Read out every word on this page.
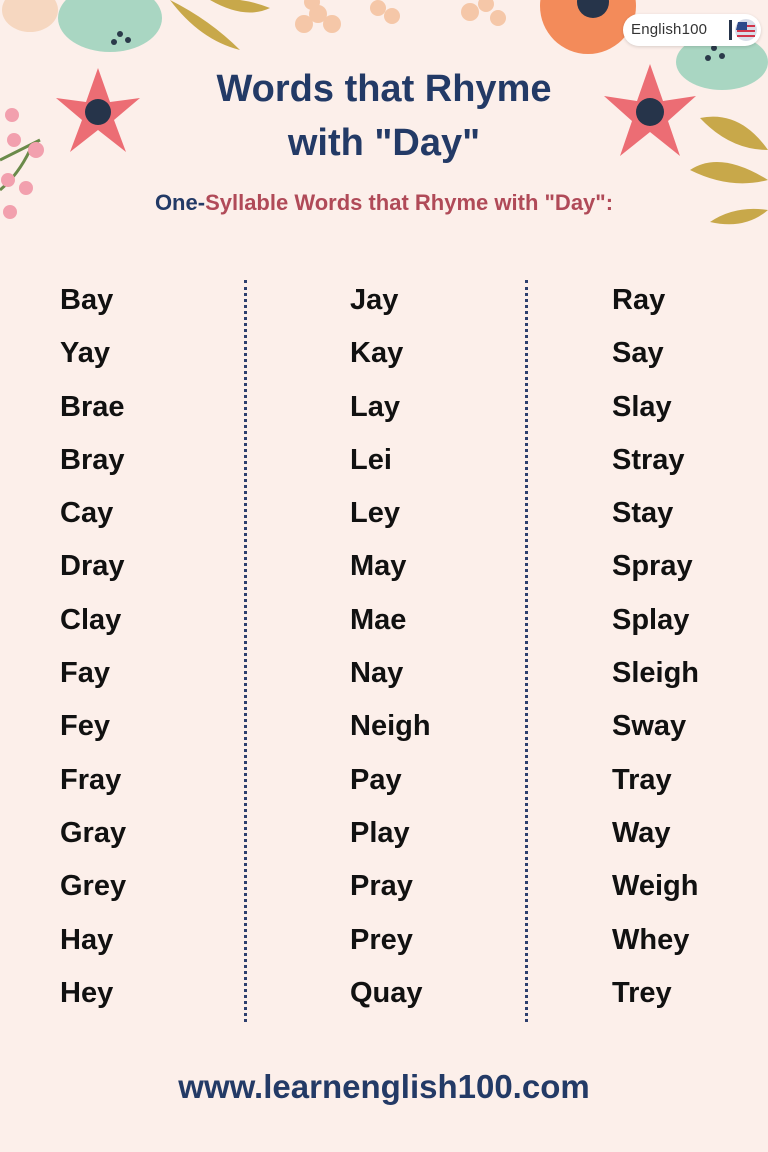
English100
Words that Rhyme
with "Day"
One-Syllable Words that Rhyme with "Day":
Bay
Yay
Brae
Bray
Cay
Dray
Clay
Fay
Fey
Fray
Gray
Grey
Hay
Hey
Jay
Kay
Lay
Lei
Ley
May
Mae
Nay
Neigh
Pay
Play
Pray
Prey
Quay
Ray
Say
Slay
Stray
Stay
Spray
Splay
Sleigh
Sway
Tray
Way
Weigh
Whey
Trey
www.learnenglish100.com
